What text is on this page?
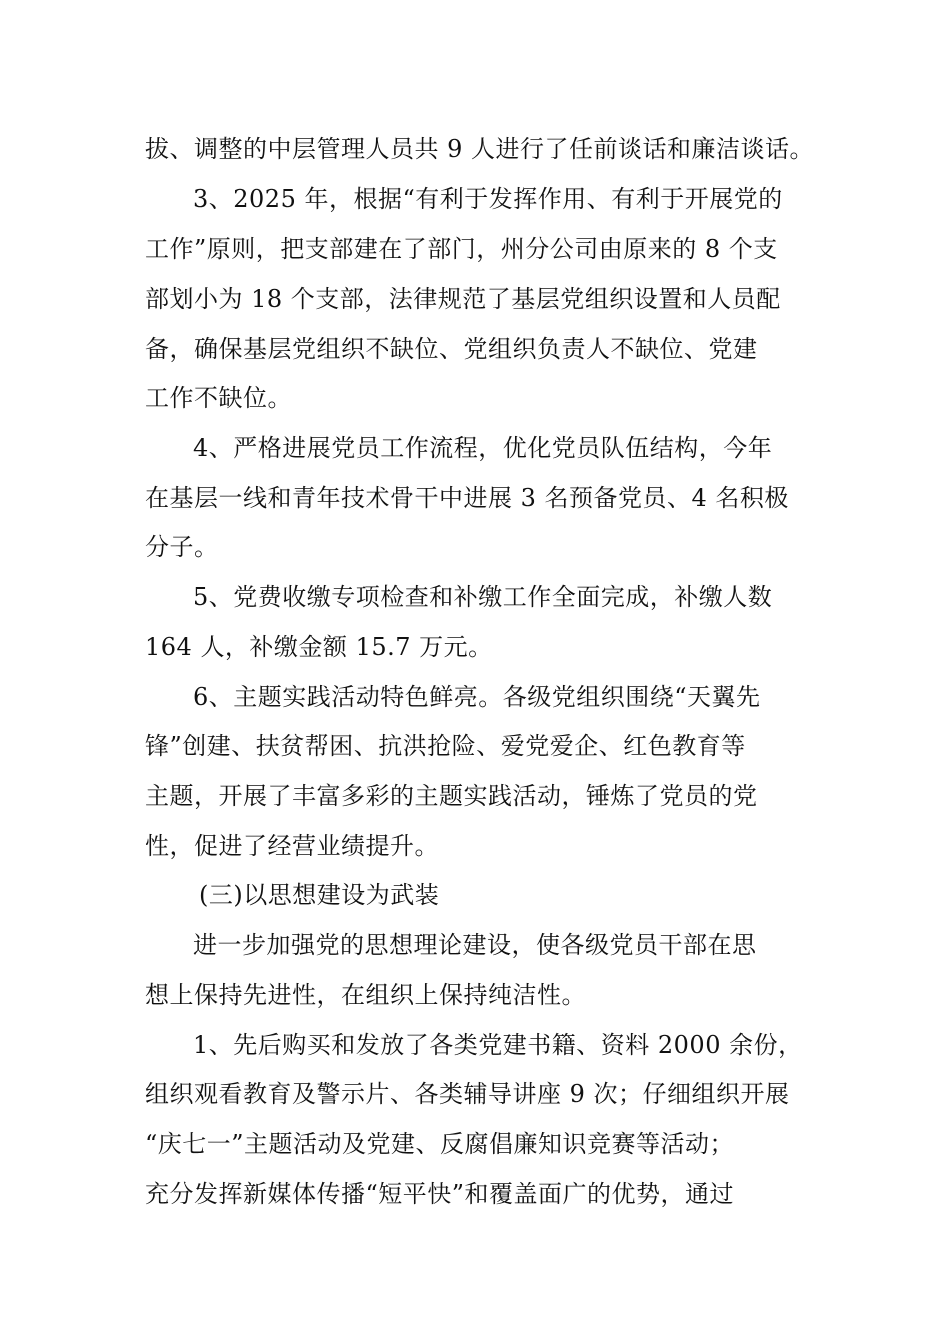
拔、调整的中层管理人员共 9 人进行了任前谈话和廉洁谈话。
3、2025 年，根据“有利于发挥作用、有利于开展党的
工作”原则，把支部建在了部门，州分公司由原来的 8 个支
部划小为 18 个支部，法律规范了基层党组织设置和人员配
备，确保基层党组织不缺位、党组织负责人不缺位、党建
工作不缺位。
4、严格进展党员工作流程，优化党员队伍结构，今年
在基层一线和青年技术骨干中进展 3 名预备党员、4 名积极
分子。
5、党费收缴专项检查和补缴工作全面完成，补缴人数
164 人，补缴金额 15.7 万元。
6、主题实践活动特色鲜亮。各级党组织围绕“天翼先
锋”创建、扶贫帮困、抗洪抢险、爱党爱企、红色教育等
主题，开展了丰富多彩的主题实践活动，锤炼了党员的党
性，促进了经营业绩提升。
(三)以思想建设为武装
进一步加强党的思想理论建设，使各级党员干部在思
想上保持先进性，在组织上保持纯洁性。
1、先后购买和发放了各类党建书籍、资料 2000 余份，
组织观看教育及警示片、各类辅导讲座 9 次；仔细组织开展
“庆七一”主题活动及党建、反腐倡廉知识竞赛等活动；
充分发挥新媒体传播“短平快”和覆盖面广的优势，通过
